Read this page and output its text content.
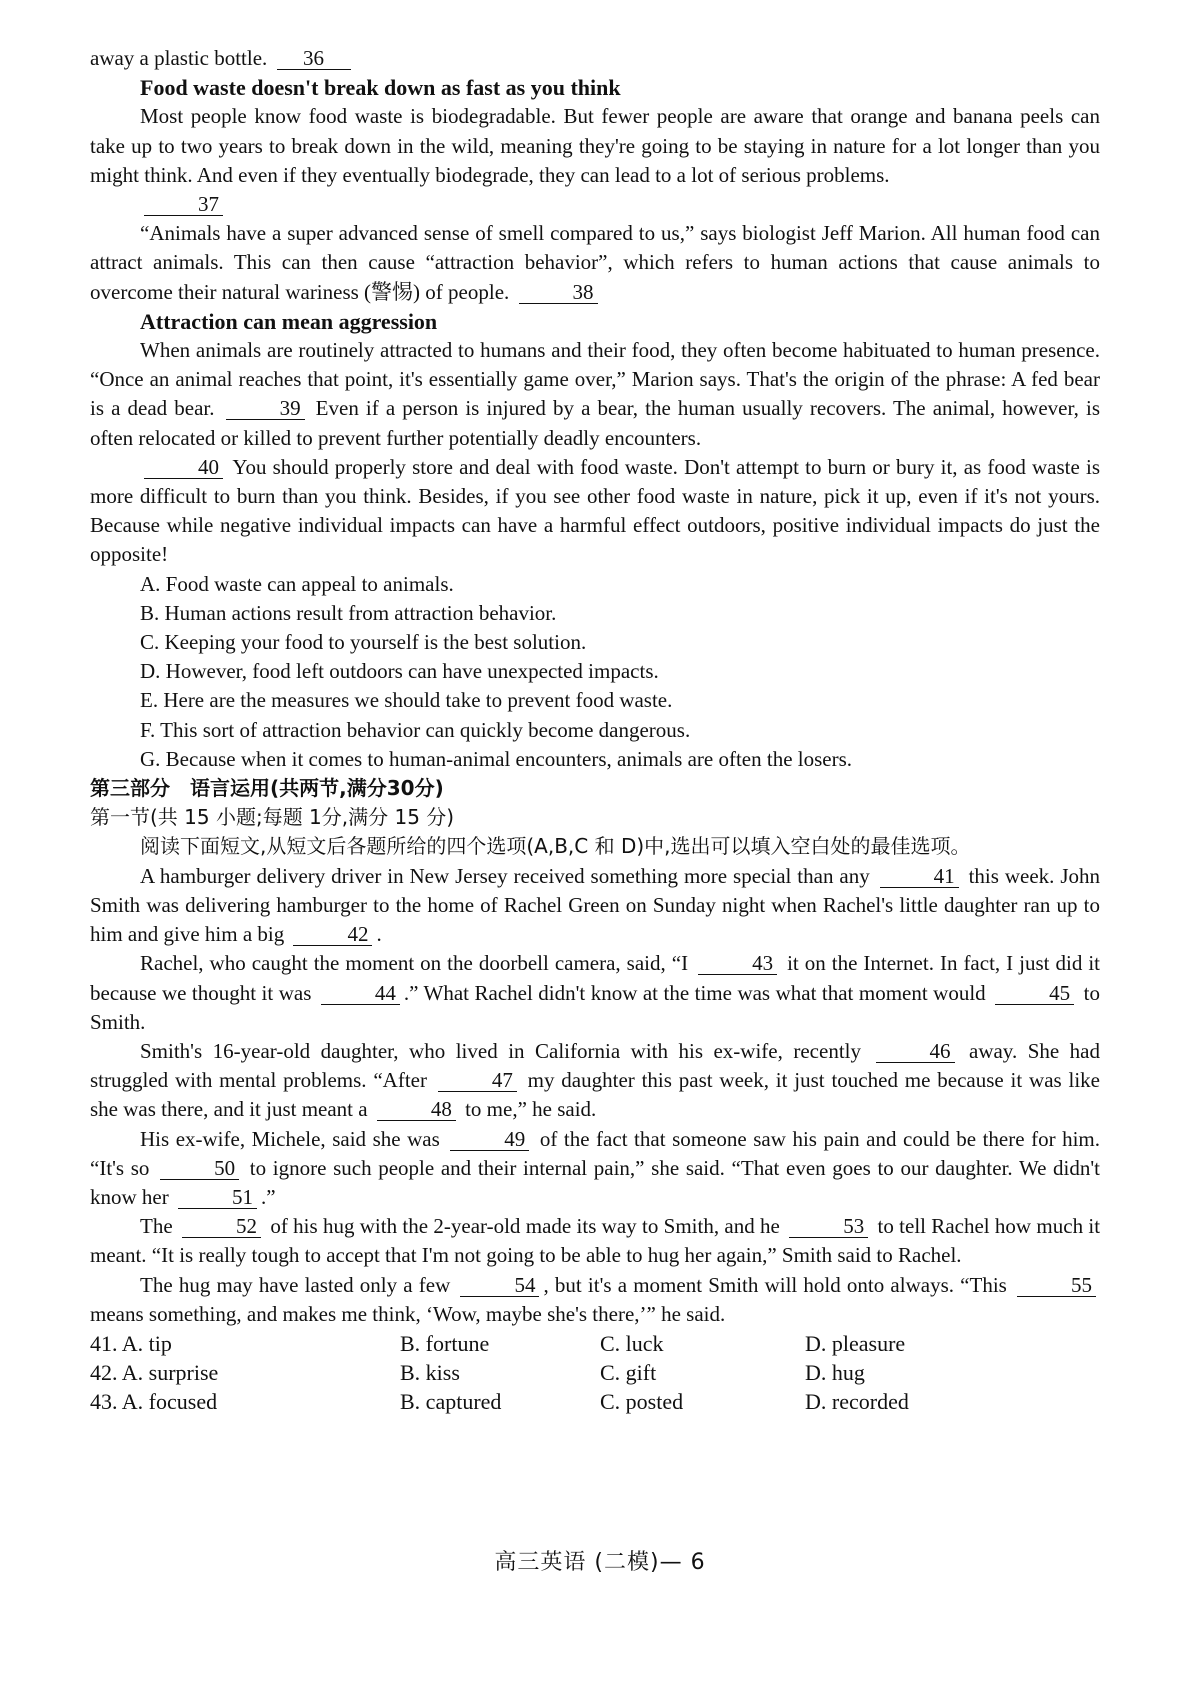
away a plastic bottle. 36
Food waste doesn't break down as fast as you think
Most people know food waste is biodegradable. But fewer people are aware that orange and banana peels can take up to two years to break down in the wild, meaning they're going to be staying in nature for a lot longer than you might think. And even if they eventually biodegrade, they can lead to a lot of serious problems.
37
“Animals have a super advanced sense of smell compared to us,” says biologist Jeff Marion. All human food can attract animals. This can then cause “attraction behavior”, which refers to human actions that cause animals to overcome their natural wariness (警惕) of people.	38
Attraction can mean aggression
When animals are routinely attracted to humans and their food, they often become habituated to human presence. “Once an animal reaches that point, it's essentially game over,” Marion says. That's the origin of the phrase: A fed bear is a dead bear.	39 Even if a person is injured by a bear, the human usually recovers. The animal, however, is often relocated or killed to prevent further potentially deadly encounters.
40 You should properly store and deal with food waste. Don't attempt to burn or bury it, as food waste is more difficult to burn than you think. Besides, if you see other food waste in nature, pick it up, even if it's not yours. Because while negative individual impacts can have a harmful effect outdoors, positive individual impacts do just the opposite!
A. Food waste can appeal to animals.
B. Human actions result from attraction behavior.
C. Keeping your food to yourself is the best solution.
D. However, food left outdoors can have unexpected impacts.
E. Here are the measures we should take to prevent food waste.
F. This sort of attraction behavior can quickly become dangerous.
G. Because when it comes to human-animal encounters, animals are often the losers.
第三部分　语言运用(共两节,满分30分)
第一节(共 15 小题;每题 1分,满分 15 分)
阅读下面短文,从短文后各题所给的四个选项(A,B,C 和 D)中,选出可以填入空白处的最佳选项。
A hamburger delivery driver in New Jersey received something more special than any	41 this week. John Smith was delivering hamburger to the home of Rachel Green on Sunday night when Rachel's little daughter ran up to him and give him a big	42 .
Rachel, who caught the moment on the doorbell camera, said, “I	43 it on the Internet. In fact, I just did it because we thought it was	44 .” What Rachel didn't know at the time was what that moment would	45 to Smith.
Smith's 16-year-old daughter, who lived in California with his ex-wife, recently	46 away. She had struggled with mental problems. “After	47 my daughter this past week, it just touched me because it was like she was there, and it just meant a	48 to me,” he said.
His ex-wife, Michele, said she was	49 of the fact that someone saw his pain and could be there for him. “It's so	50 to ignore such people and their internal pain,” she said. “That even goes to our daughter. We didn't know her	51 .”
The	52 of his hug with the 2-year-old made its way to Smith, and he	53 to tell Rachel how much it meant. “It is really tough to accept that I'm not going to be able to hug her again,” Smith said to Rachel.
The hug may have lasted only a few	54 , but it's a moment Smith will hold onto always. “This	55 means something, and makes me think, ‘Wow, maybe she's there,’” he said.
41. A. tip	B. fortune	C. luck	D. pleasure
42. A. surprise	B. kiss	C. gift	D. hug
43. A. focused	B. captured	C. posted	D. recorded
高三英语 (二模)— 6
